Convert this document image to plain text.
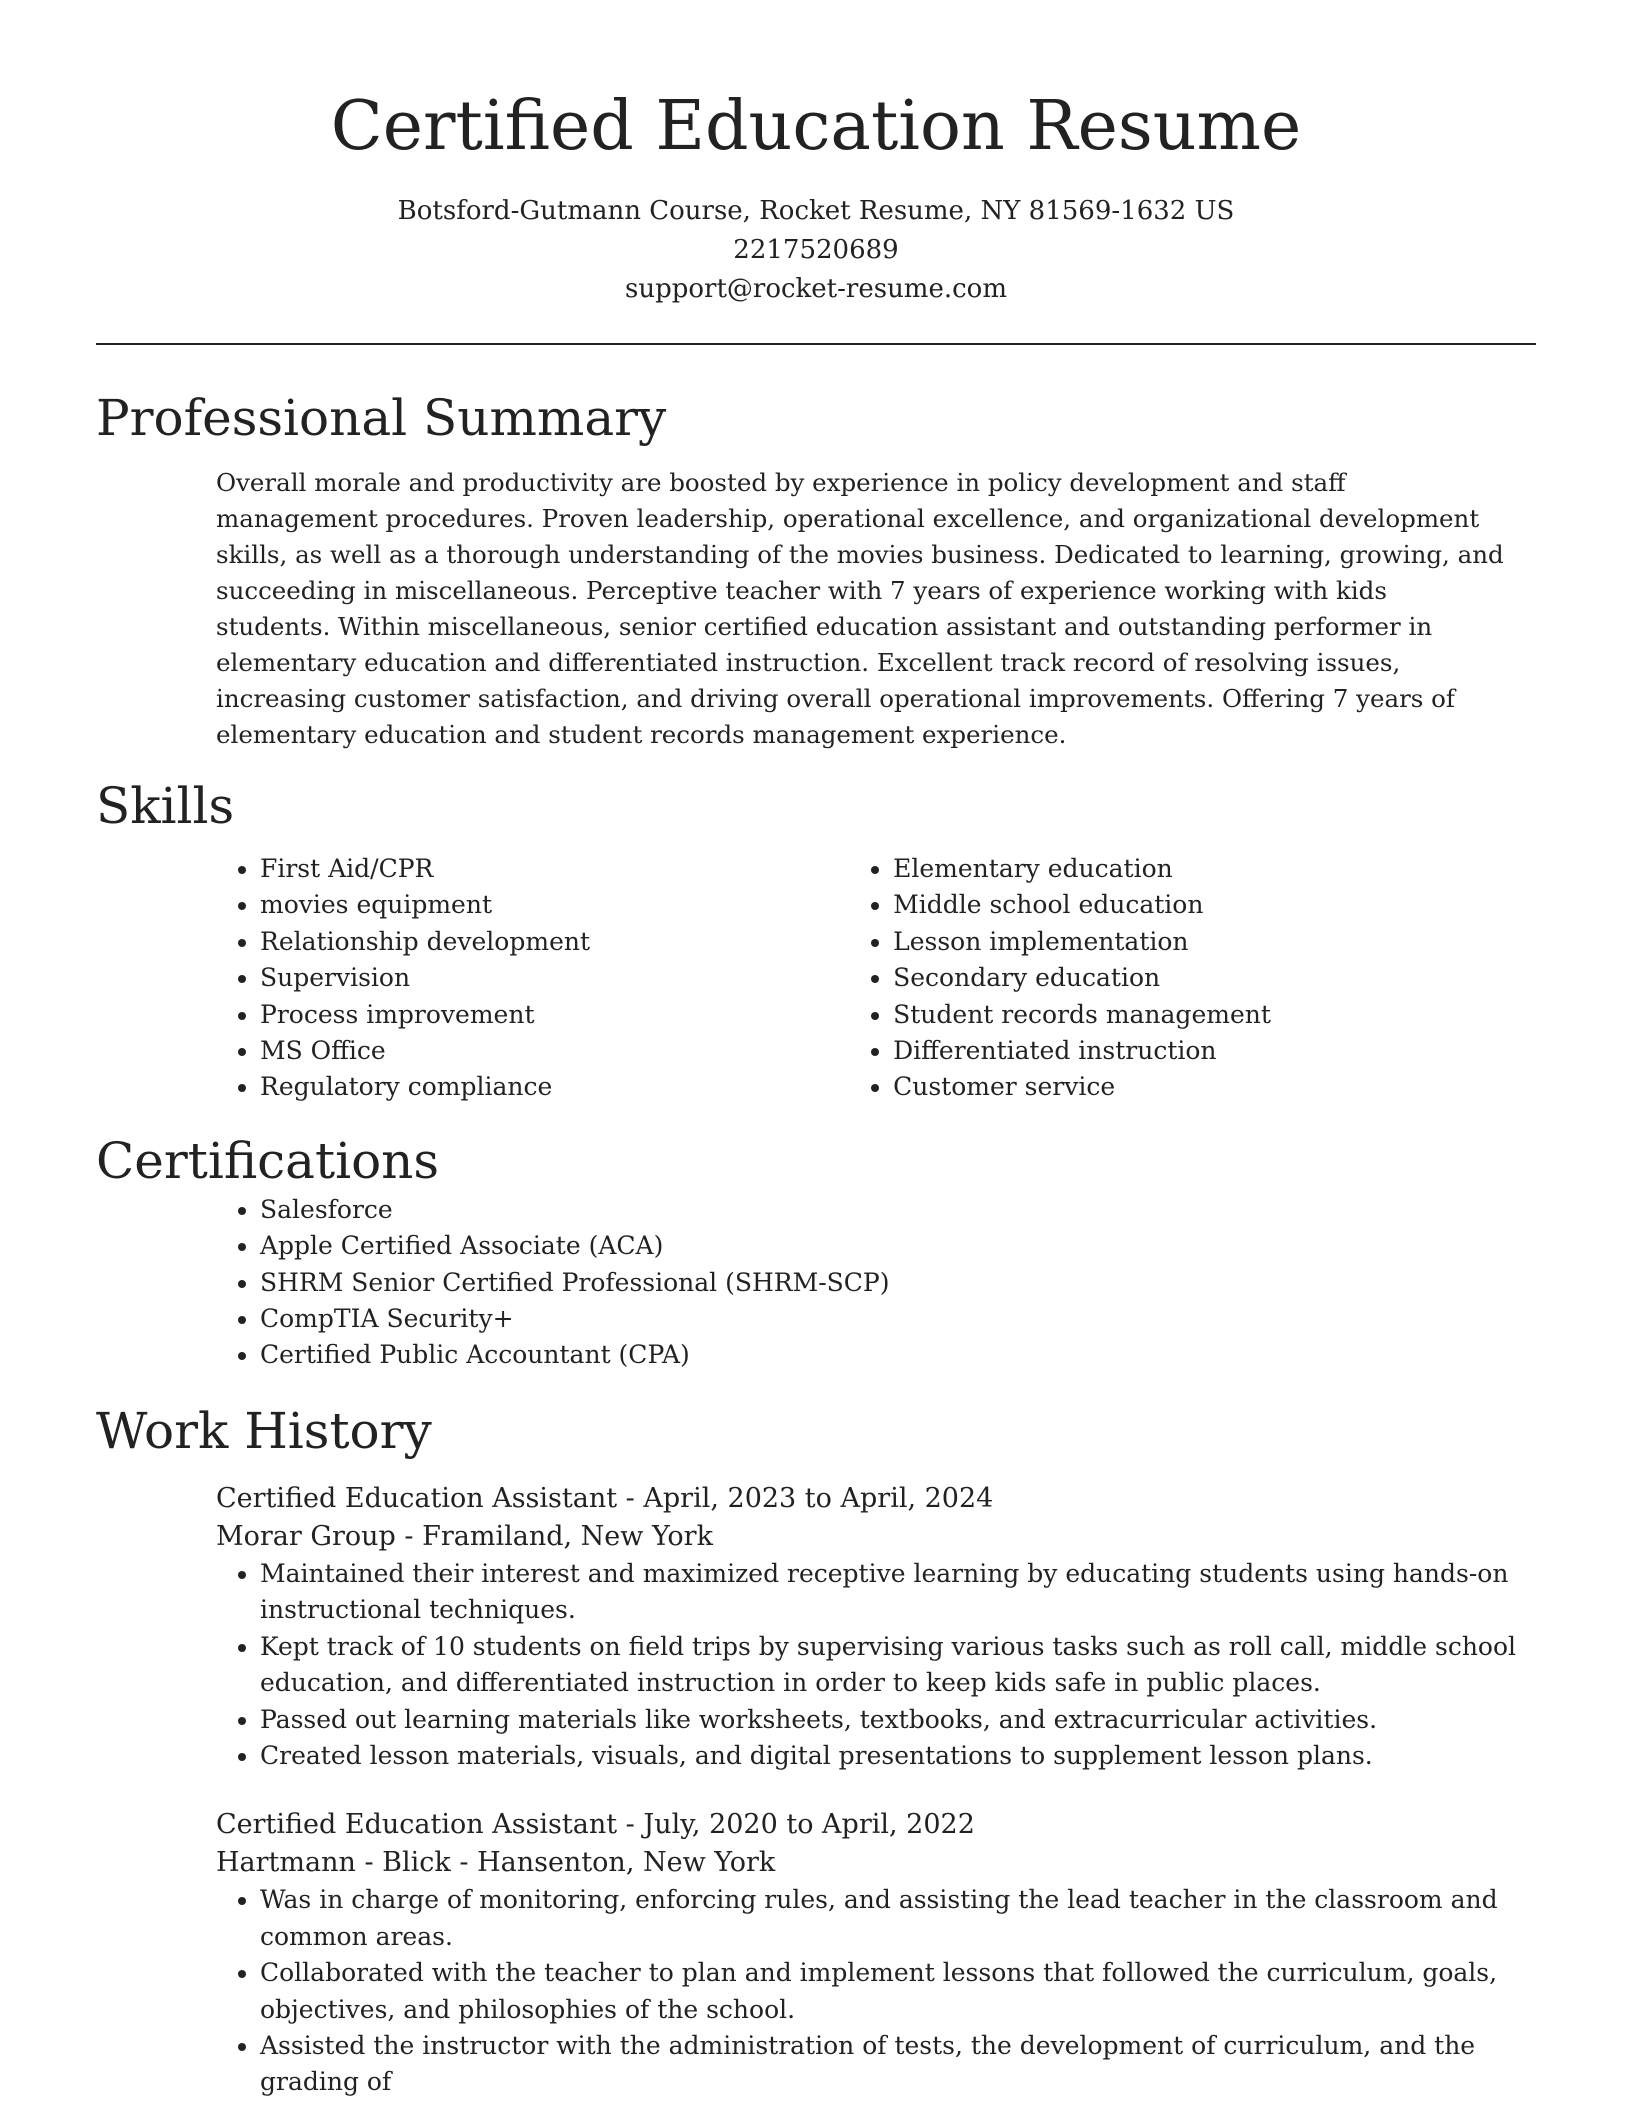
Certified Education Resume
Botsford-Gutmann Course, Rocket Resume, NY 81569-1632 US
2217520689
support@rocket-resume.com
Professional Summary

Overall morale and productivity are boosted by experience in policy development and staff management procedures. Proven leadership, operational excellence, and organizational development skills, as well as a thorough understanding of the movies business. Dedicated to learning, growing, and succeeding in miscellaneous. Perceptive teacher with 7 years of experience working with kids students. Within miscellaneous, senior certified education assistant and outstanding performer in elementary education and differentiated instruction. Excellent track record of resolving issues, increasing customer satisfaction, and driving overall operational improvements. Offering 7 years of elementary education and student records management experience.

Skills
• First Aid/CPR
• movies equipment
• Relationship development
• Supervision
• Process improvement
• MS Office
• Regulatory compliance
• Elementary education
• Middle school education
• Lesson implementation
• Secondary education
• Student records management
• Differentiated instruction
• Customer service
Certifications
• Salesforce
• Apple Certified Associate (ACA)
• SHRM Senior Certified Professional (SHRM-SCP)
• CompTIA Security+
• Certified Public Accountant (CPA)
Work History
Certified Education Assistant - April, 2023 to April, 2024
Morar Group - Framiland, New York
• Maintained their interest and maximized receptive learning by educating students using hands-on instructional techniques.
• Kept track of 10 students on field trips by supervising various tasks such as roll call, middle school education, and differentiated instruction in order to keep kids safe in public places.
• Passed out learning materials like worksheets, textbooks, and extracurricular activities.
• Created lesson materials, visuals, and digital presentations to supplement lesson plans.
Certified Education Assistant - July, 2020 to April, 2022
Hartmann - Blick - Hansenton, New York
• Was in charge of monitoring, enforcing rules, and assisting the lead teacher in the classroom and common areas.
• Collaborated with the teacher to plan and implement lessons that followed the curriculum, goals, objectives, and philosophies of the school.
• Assisted the instructor with the administration of tests, the development of curriculum, and the grading of
